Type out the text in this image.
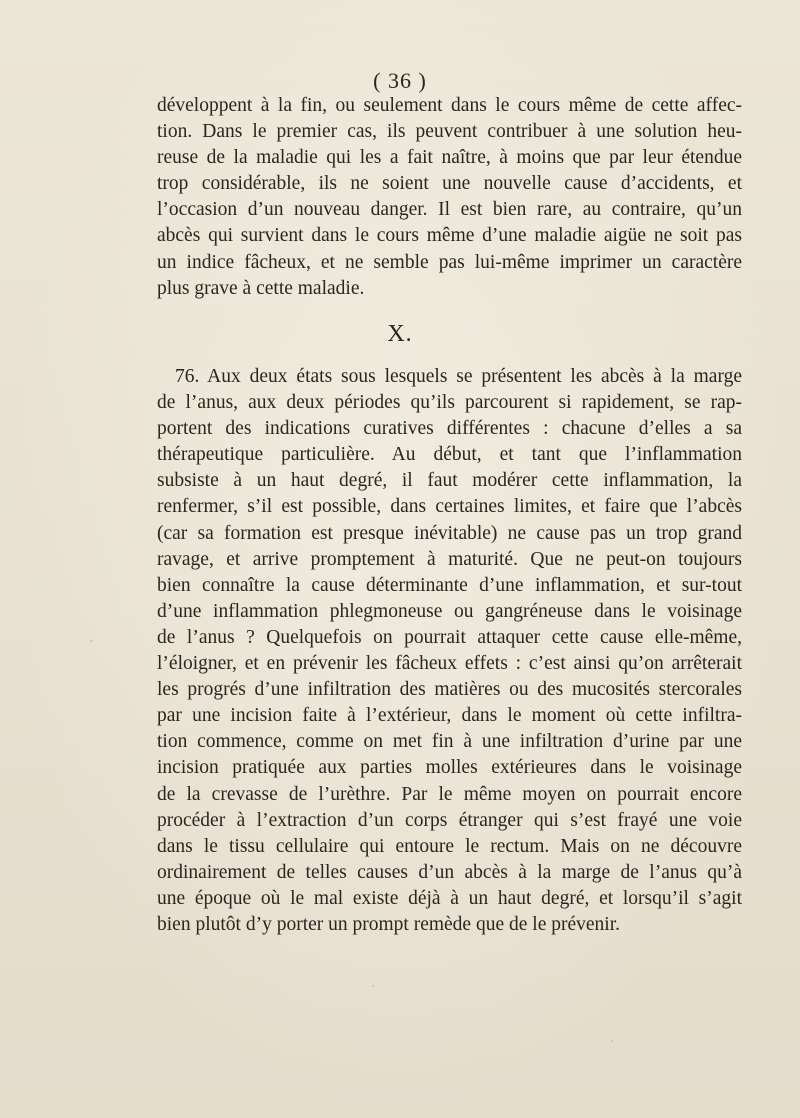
( 36 )
développent à la fin, ou seulement dans le cours même de cette affec-
tion. Dans le premier cas, ils peuvent contribuer à une solution heu-
reuse de la maladie qui les a fait naître, à moins que par leur étendue
trop considérable, ils ne soient une nouvelle cause d’accidents, et
l’occasion d’un nouveau danger. Il est bien rare, au contraire, qu’un
abcès qui survient dans le cours même d’une maladie aigüe ne soit pas
un indice fâcheux, et ne semble pas lui-même imprimer un caractère
plus grave à cette maladie.
X.
76. Aux deux états sous lesquels se présentent les abcès à la marge
de l’anus, aux deux périodes qu’ils parcourent si rapidement, se rap-
portent des indications curatives différentes : chacune d’elles a sa
thérapeutique particulière. Au début, et tant que l’inflammation
subsiste à un haut degré, il faut modérer cette inflammation, la
renfermer, s’il est possible, dans certaines limites, et faire que l’abcès
(car sa formation est presque inévitable) ne cause pas un trop grand
ravage, et arrive promptement à maturité. Que ne peut-on toujours
bien connaître la cause déterminante d’une inflammation, et sur-tout
d’une inflammation phlegmoneuse ou gangréneuse dans le voisinage
de l’anus ? Quelquefois on pourrait attaquer cette cause elle-même,
l’éloigner, et en prévenir les fâcheux effets : c’est ainsi qu’on arrêterait
les progrés d’une infiltration des matières ou des mucosités stercorales
par une incision faite à l’extérieur, dans le moment où cette infiltra-
tion commence, comme on met fin à une infiltration d’urine par une
incision pratiquée aux parties molles extérieures dans le voisinage
de la crevasse de l’urèthre. Par le même moyen on pourrait encore
procéder à l’extraction d’un corps étranger qui s’est frayé une voie
dans le tissu cellulaire qui entoure le rectum. Mais on ne découvre
ordinairement de telles causes d’un abcès à la marge de l’anus qu’à
une époque où le mal existe déjà à un haut degré, et lorsqu’il s’agit
bien plutôt d’y porter un prompt remède que de le prévenir.
